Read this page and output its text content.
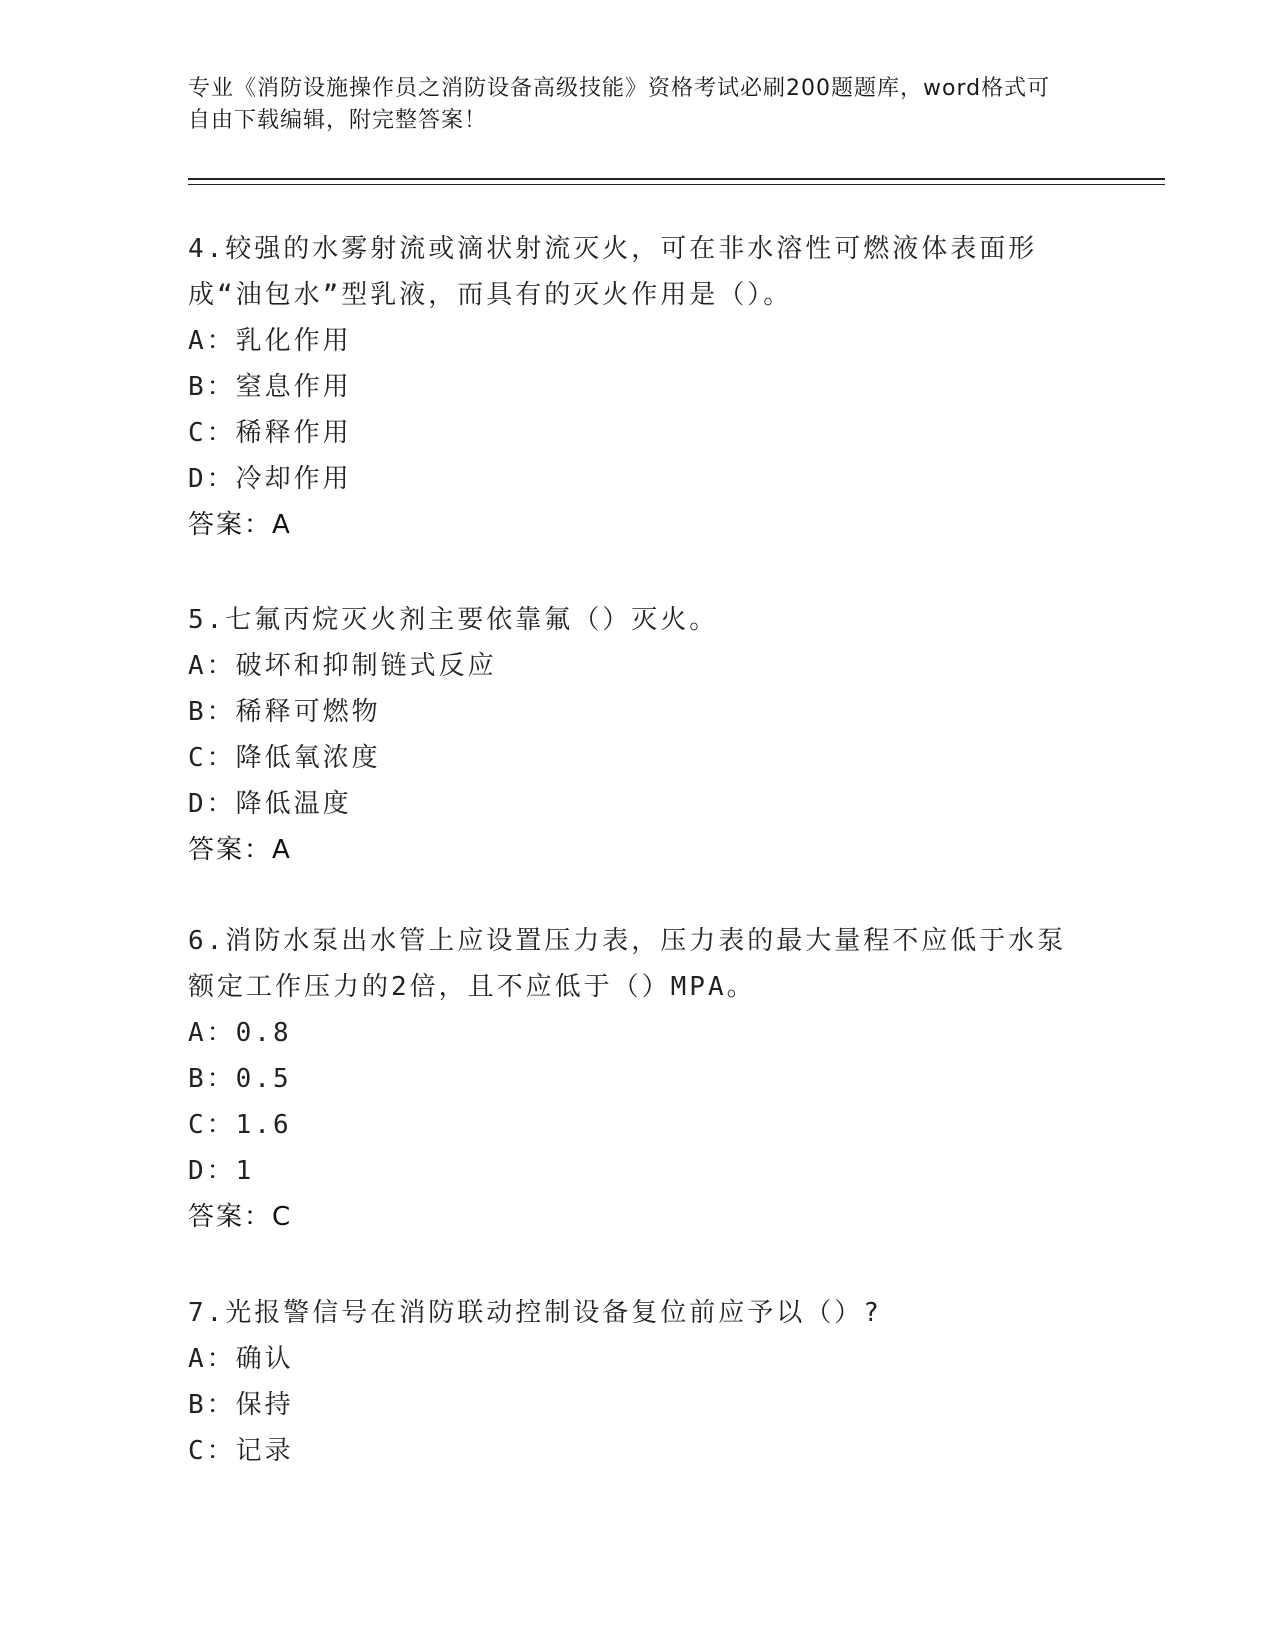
专业《消防设施操作员之消防设备高级技能》资格考试必刷200题题库，word格式可自由下载编辑，附完整答案！
4.较强的水雾射流或滴状射流灭火，可在非水溶性可燃液体表面形成“油包水”型乳液，而具有的灭火作用是（）。
A：乳化作用
B：窒息作用
C：稀释作用
D：冷却作用
答案：A
5.七氟丙烷灭火剂主要依靠氟（）灭火。
A：破坏和抑制链式反应
B：稀释可燃物
C：降低氧浓度
D：降低温度
答案：A
6.消防水泵出水管上应设置压力表，压力表的最大量程不应低于水泵额定工作压力的2倍，且不应低于（）MPA。
A：0.8
B：0.5
C：1.6
D：1
答案：C
7.光报警信号在消防联动控制设备复位前应予以（）?
A：确认
B：保持
C：记录
